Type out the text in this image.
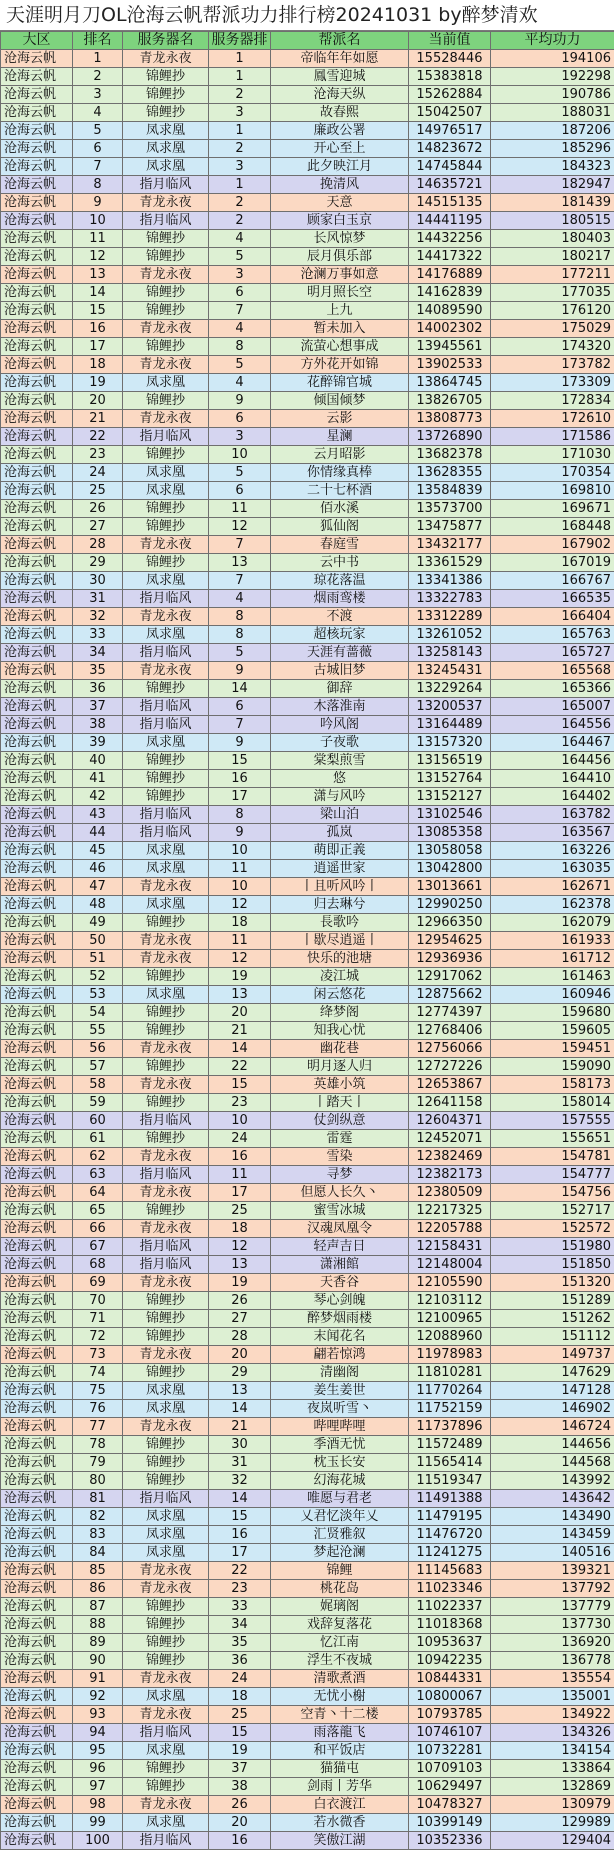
天涯明月刀OL沧海云帆帮派功力排行榜20241031 by醉梦清欢
大区	排名	服务器名	服务器排	帮派名	当前值	平均功力
沧海云帆	1	青龙永夜	1	帝临年年如愿	15528446	194106
沧海云帆	2	锦鲤抄	1	鳳雪迎城	15383818	192298
沧海云帆	3	锦鲤抄	2	沧海天纵	15262884	190786
沧海云帆	4	锦鲤抄	3	故春熙	15042507	188031
沧海云帆	5	凤求凰	1	廉政公署	14976517	187206
沧海云帆	6	凤求凰	2	开心至上	14823672	185296
沧海云帆	7	凤求凰	3	此夕映江月	14745844	184323
沧海云帆	8	指月临风	1	挽清风	14635721	182947
沧海云帆	9	青龙永夜	2	天意	14515135	181439
沧海云帆	10	指月临风	2	顾家白玉京	14441195	180515
沧海云帆	11	锦鲤抄	4	长风惊梦	14432256	180403
沧海云帆	12	锦鲤抄	5	辰月俱乐部	14417322	180217
沧海云帆	13	青龙永夜	3	沧澜万事如意	14176889	177211
沧海云帆	14	锦鲤抄	6	明月照长空	14162839	177035
沧海云帆	15	锦鲤抄	7	上九	14089590	176120
沧海云帆	16	青龙永夜	4	暂未加入	14002302	175029
沧海云帆	17	锦鲤抄	8	流萤心想事成	13945561	174320
沧海云帆	18	青龙永夜	5	方外花开如锦	13902533	173782
沧海云帆	19	凤求凰	4	花醉锦官城	13864745	173309
沧海云帆	20	锦鲤抄	9	倾国倾梦	13826705	172834
沧海云帆	21	青龙永夜	6	云影	13808773	172610
沧海云帆	22	指月临风	3	星澜	13726890	171586
沧海云帆	23	锦鲤抄	10	云月昭影	13682378	171030
沧海云帆	24	凤求凰	5	你情缘真棒	13628355	170354
沧海云帆	25	凤求凰	6	二十七杯酒	13584839	169810
沧海云帆	26	锦鲤抄	11	佰水溪	13573700	169671
沧海云帆	27	锦鲤抄	12	狐仙阁	13475877	168448
沧海云帆	28	青龙永夜	7	春庭雪	13432177	167902
沧海云帆	29	锦鲤抄	13	云中书	13361529	167019
沧海云帆	30	凤求凰	7	琼花落温	13341386	166767
沧海云帆	31	指月临风	4	烟雨鸾楼	13322783	166535
沧海云帆	32	青龙永夜	8	不渡	13312289	166404
沧海云帆	33	凤求凰	8	超核玩家	13261052	165763
沧海云帆	34	指月临风	5	天涯有蔷薇	13258143	165727
沧海云帆	35	青龙永夜	9	古城旧梦	13245431	165568
沧海云帆	36	锦鲤抄	14	御辞	13229264	165366
沧海云帆	37	指月临风	6	木落淮南	13200537	165007
沧海云帆	38	指月临风	7	吟风阁	13164489	164556
沧海云帆	39	凤求凰	9	子夜歌	13157320	164467
沧海云帆	40	锦鲤抄	15	棠梨煎雪	13156519	164456
沧海云帆	41	锦鲤抄	16	悠	13152764	164410
沧海云帆	42	锦鲤抄	17	潇与风吟	13152127	164402
沧海云帆	43	指月临风	8	梁山泊	13102546	163782
沧海云帆	44	指月临风	9	孤岚	13085358	163567
沧海云帆	45	凤求凰	10	萌即正義	13058058	163226
沧海云帆	46	凤求凰	11	逍遥世家	13042800	163035
沧海云帆	47	青龙永夜	10	丨且听风吟丨	13013661	162671
沧海云帆	48	凤求凰	12	归去琳兮	12990250	162378
沧海云帆	49	锦鲤抄	18	長歌吟	12966350	162079
沧海云帆	50	青龙永夜	11	丨歇尽逍遥丨	12954625	161933
沧海云帆	51	青龙永夜	12	快乐的池塘	12936936	161712
沧海云帆	52	锦鲤抄	19	凌江城	12917062	161463
沧海云帆	53	凤求凰	13	闲云悠花	12875662	160946
沧海云帆	54	锦鲤抄	20	绛梦阁	12774397	159680
沧海云帆	55	锦鲤抄	21	知我心忧	12768406	159605
沧海云帆	56	青龙永夜	14	幽花巷	12756066	159451
沧海云帆	57	锦鲤抄	22	明月逐人归	12727226	159090
沧海云帆	58	青龙永夜	15	英雄小筑	12653867	158173
沧海云帆	59	锦鲤抄	23	丨踏天丨	12641158	158014
沧海云帆	60	指月临风	10	仗剑纵意	12604371	157555
沧海云帆	61	锦鲤抄	24	雷霆	12452071	155651
沧海云帆	62	青龙永夜	16	雪染	12382469	154781
沧海云帆	63	指月临风	11	寻梦	12382173	154777
沧海云帆	64	青龙永夜	17	但愿人长久丶	12380509	154756
沧海云帆	65	锦鲤抄	25	蜜雪冰城	12217325	152717
沧海云帆	66	青龙永夜	18	汉魂凤凰令	12205788	152572
沧海云帆	67	指月临风	12	轻声吉日	12158431	151980
沧海云帆	68	指月临风	13	潇湘館	12148004	151850
沧海云帆	69	青龙永夜	19	天香谷	12105590	151320
沧海云帆	70	锦鲤抄	26	琴心剑魄	12103112	151289
沧海云帆	71	锦鲤抄	27	醉梦烟雨楼	12100965	151262
沧海云帆	72	锦鲤抄	28	末闻花名	12088960	151112
沧海云帆	73	青龙永夜	20	翩若惊鸿	11978983	149737
沧海云帆	74	锦鲤抄	29	清幽阁	11810281	147629
沧海云帆	75	凤求凰	13	姜生姜世	11770264	147128
沧海云帆	76	凤求凰	14	夜岚听雪丶	11752159	146902
沧海云帆	77	青龙永夜	21	哔哩哔哩	11737896	146724
沧海云帆	78	锦鲤抄	30	季酒无忧	11572489	144656
沧海云帆	79	锦鲤抄	31	枕玉长安	11565414	144568
沧海云帆	80	锦鲤抄	32	幻海花城	11519347	143992
沧海云帆	81	指月临风	14	唯愿与君老	11491388	143642
沧海云帆	82	凤求凰	15	乂君忆淡年乂	11479195	143490
沧海云帆	83	凤求凰	16	汇贤雅叙	11476720	143459
沧海云帆	84	凤求凰	17	梦起沧澜	11241275	140516
沧海云帆	85	青龙永夜	22	锦鲤	11145683	139321
沧海云帆	86	青龙永夜	23	桃花岛	11023346	137792
沧海云帆	87	锦鲤抄	33	娓璃阁	11022337	137779
沧海云帆	88	锦鲤抄	34	戏辞复落花	11018368	137730
沧海云帆	89	锦鲤抄	35	忆江南	10953637	136920
沧海云帆	90	锦鲤抄	36	浮生不夜城	10942235	136778
沧海云帆	91	青龙永夜	24	清歌煮酒	10844331	135554
沧海云帆	92	凤求凰	18	无忧小榭	10800067	135001
沧海云帆	93	青龙永夜	25	空青丶十二楼	10793785	134922
沧海云帆	94	指月临风	15	雨落龍飞	10746107	134326
沧海云帆	95	凤求凰	19	和平饭店	10732281	134154
沧海云帆	96	锦鲤抄	37	猫猫屯	10709103	133864
沧海云帆	97	锦鲤抄	38	剑雨丨芳华	10629497	132869
沧海云帆	98	青龙永夜	26	白衣渡江	10478327	130979
沧海云帆	99	凤求凰	20	若水微香	10399149	129989
沧海云帆	100	指月临风	16	笑傲江湖	10352336	129404
